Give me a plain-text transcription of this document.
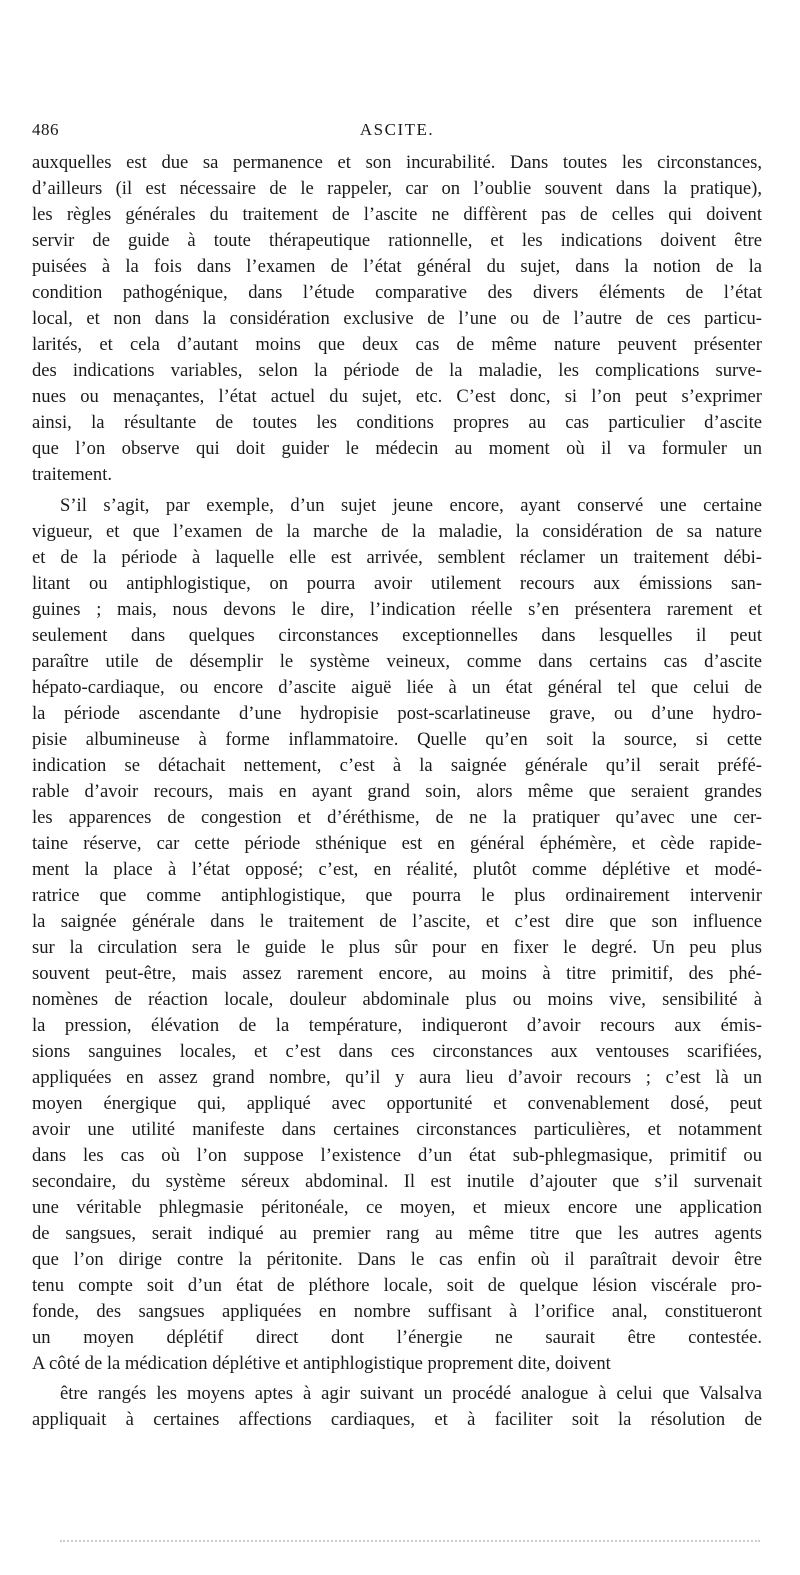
486	ASCITE.
auxquelles est due sa permanence et son incurabilité. Dans toutes les circonstances,
d’ailleurs (il est nécessaire de le rappeler, car on l’oublie souvent dans la pratique),
les règles générales du traitement de l’ascite ne diffèrent pas de celles qui doivent
servir de guide à toute thérapeutique rationnelle, et les indications doivent être
puisées à la fois dans l’examen de l’état général du sujet, dans la notion de la
condition pathogénique, dans l’étude comparative des divers éléments de l’état
local, et non dans la considération exclusive de l’une ou de l’autre de ces particu-
larités, et cela d’autant moins que deux cas de même nature peuvent présenter
des indications variables, selon la période de la maladie, les complications surve-
nues ou menaçantes, l’état actuel du sujet, etc. C’est donc, si l’on peut s’exprimer
ainsi, la résultante de toutes les conditions propres au cas particulier d’ascite
que l’on observe qui doit guider le médecin au moment où il va formuler un
traitement.
S’il s’agit, par exemple, d’un sujet jeune encore, ayant conservé une certaine
vigueur, et que l’examen de la marche de la maladie, la considération de sa nature
et de la période à laquelle elle est arrivée, semblent réclamer un traitement débi-
litant ou antiphlogistique, on pourra avoir utilement recours aux émissions san-
guines ; mais, nous devons le dire, l’indication réelle s’en présentera rarement et
seulement dans quelques circonstances exceptionnelles dans lesquelles il peut
paraître utile de désemplir le système veineux, comme dans certains cas d’ascite
hépato-cardiaque, ou encore d’ascite aiguë liée à un état général tel que celui de
la période ascendante d’une hydropisie post-scarlatineuse grave, ou d’une hydro-
pisie albumineuse à forme inflammatoire. Quelle qu’en soit la source, si cette
indication se détachait nettement, c’est à la saignée générale qu’il serait préfé-
rable d’avoir recours, mais en ayant grand soin, alors même que seraient grandes
les apparences de congestion et d’éréthisme, de ne la pratiquer qu’avec une cer-
taine réserve, car cette période sthénique est en général éphémère, et cède rapide-
ment la place à l’état opposé; c’est, en réalité, plutôt comme déplétive et modé-
ratrice que comme antiphlogistique, que pourra le plus ordinairement intervenir
la saignée générale dans le traitement de l’ascite, et c’est dire que son influence
sur la circulation sera le guide le plus sûr pour en fixer le degré. Un peu plus
souvent peut-être, mais assez rarement encore, au moins à titre primitif, des phé-
nomènes de réaction locale, douleur abdominale plus ou moins vive, sensibilité à
la pression, élévation de la température, indiqueront d’avoir recours aux émis-
sions sanguines locales, et c’est dans ces circonstances aux ventouses scarifiées,
appliquées en assez grand nombre, qu’il y aura lieu d’avoir recours ; c’est là un
moyen énergique qui, appliqué avec opportunité et convenablement dosé, peut
avoir une utilité manifeste dans certaines circonstances particulières, et notamment
dans les cas où l’on suppose l’existence d’un état sub-phlegmasique, primitif ou
secondaire, du système séreux abdominal. Il est inutile d’ajouter que s’il survenait
une véritable phlegmasie péritonéale, ce moyen, et mieux encore une application
de sangsues, serait indiqué au premier rang au même titre que les autres agents
que l’on dirige contre la péritonite. Dans le cas enfin où il paraîtrait devoir être
tenu compte soit d’un état de pléthore locale, soit de quelque lésion viscérale pro-
fonde, des sangsues appliquées en nombre suffisant à l’orifice anal, constitueront
un moyen déplétif direct dont l’énergie ne saurait être contestée.
A côté de la médication déplétive et antiphlogistique proprement dite, doivent
être rangés les moyens aptes à agir suivant un procédé analogue à celui que Valsalva
appliquait à certaines affections cardiaques, et à faciliter soit la résolution de
